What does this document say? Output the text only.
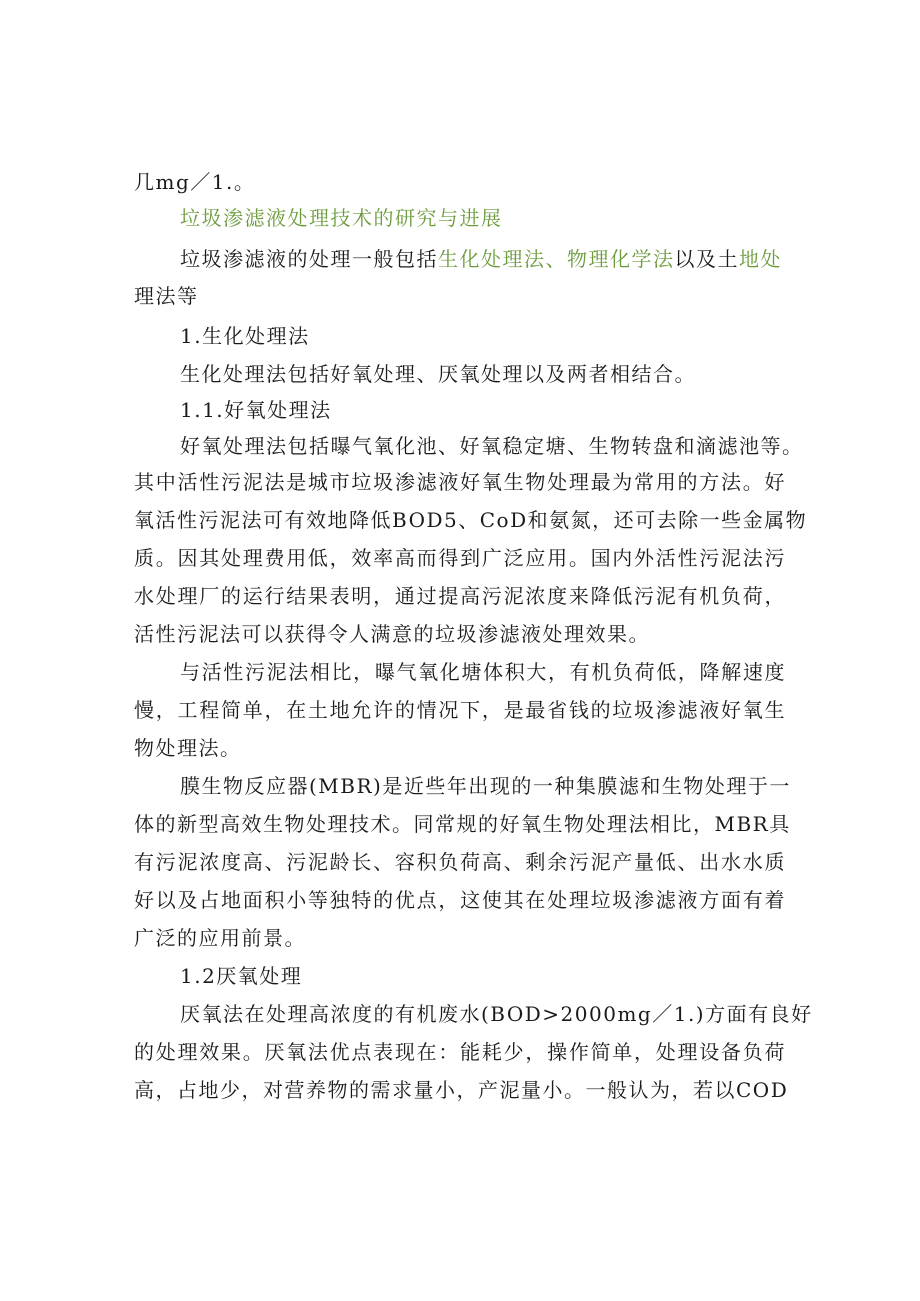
几mg／1.。
垃圾渗滤液处理技术的研究与进展
垃圾渗滤液的处理一般包括生化处理法、物理化学法以及土地处
理法等
1.生化处理法
生化处理法包括好氧处理、厌氧处理以及两者相结合。
1.1.好氧处理法
好氧处理法包括曝气氧化池、好氧稳定塘、生物转盘和滴滤池等。
其中活性污泥法是城市垃圾渗滤液好氧生物处理最为常用的方法。好
氧活性污泥法可有效地降低BOD5、CoD和氨氮，还可去除一些金属物
质。因其处理费用低，效率高而得到广泛应用。国内外活性污泥法污
水处理厂的运行结果表明，通过提高污泥浓度来降低污泥有机负荷，
活性污泥法可以获得令人满意的垃圾渗滤液处理效果。
与活性污泥法相比，曝气氧化塘体积大，有机负荷低，降解速度
慢，工程简单，在土地允许的情况下，是最省钱的垃圾渗滤液好氧生
物处理法。
膜生物反应器(MBR)是近些年出现的一种集膜滤和生物处理于一
体的新型高效生物处理技术。同常规的好氧生物处理法相比，MBR具
有污泥浓度高、污泥龄长、容积负荷高、剩余污泥产量低、出水水质
好以及占地面积小等独特的优点，这使其在处理垃圾渗滤液方面有着
广泛的应用前景。
1.2厌氧处理
厌氧法在处理高浓度的有机废水(BOD>2000mg／1.)方面有良好
的处理效果。厌氧法优点表现在：能耗少，操作简单，处理设备负荷
高，占地少，对营养物的需求量小，产泥量小。一般认为，若以COD
